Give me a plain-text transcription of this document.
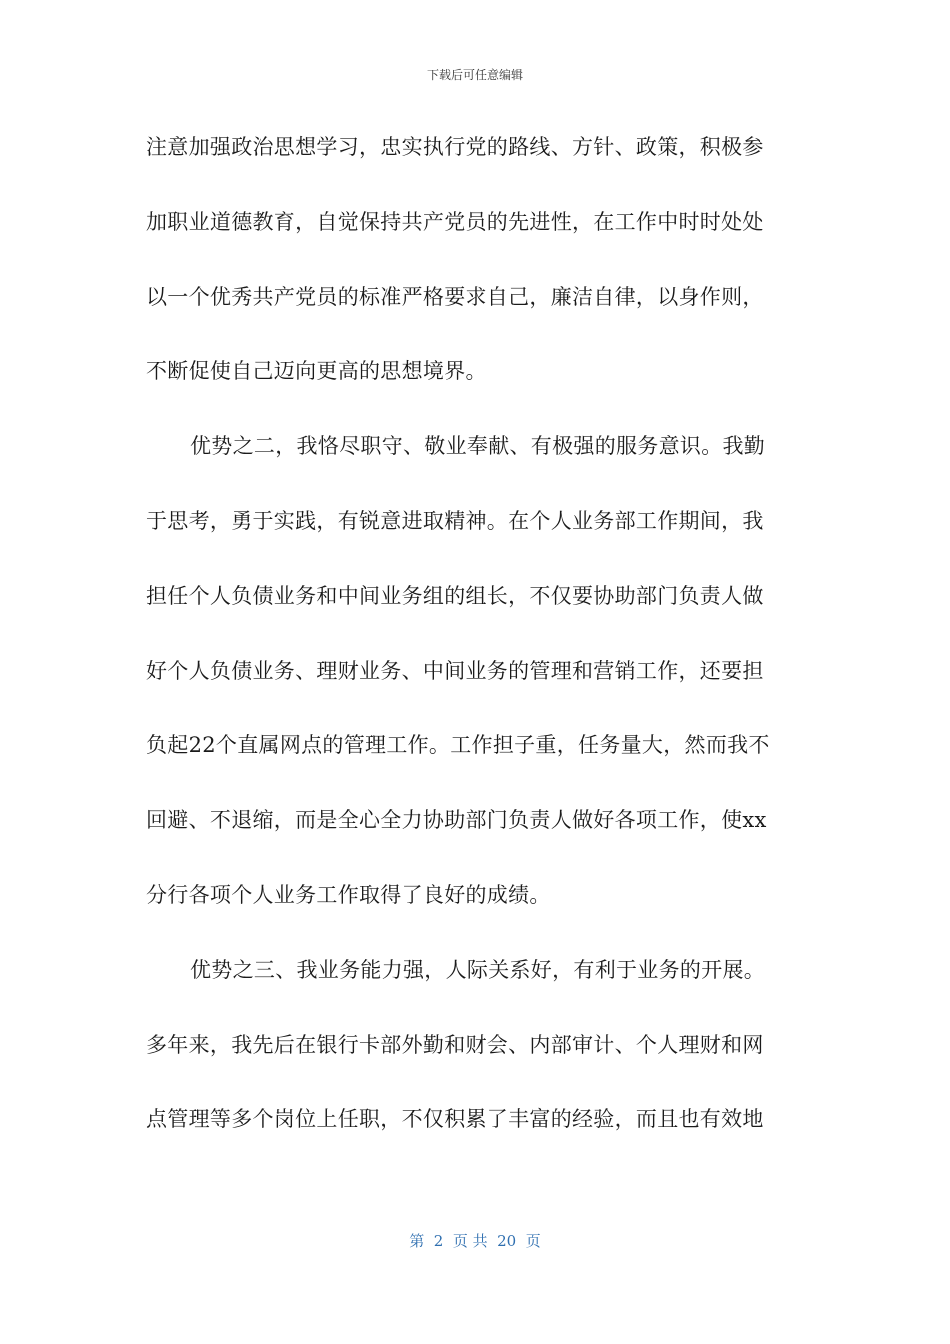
下载后可任意编辑
注意加强政治思想学习，忠实执行党的路线、方针、政策，积极参
加职业道德教育，自觉保持共产党员的先进性，在工作中时时处处
以一个优秀共产党员的标准严格要求自己，廉洁自律，以身作则，
不断促使自己迈向更高的思想境界。
优势之二，我恪尽职守、敬业奉献、有极强的服务意识。我勤
于思考，勇于实践，有锐意进取精神。在个人业务部工作期间，我
担任个人负债业务和中间业务组的组长，不仅要协助部门负责人做
好个人负债业务、理财业务、中间业务的管理和营销工作，还要担
负起22个直属网点的管理工作。工作担子重，任务量大，然而我不
回避、不退缩，而是全心全力协助部门负责人做好各项工作，使xx
分行各项个人业务工作取得了良好的成绩。
优势之三、我业务能力强，人际关系好，有利于业务的开展。
多年来，我先后在银行卡部外勤和财会、内部审计、个人理财和网
点管理等多个岗位上任职，不仅积累了丰富的经验，而且也有效地
第  2  页 共  20  页
